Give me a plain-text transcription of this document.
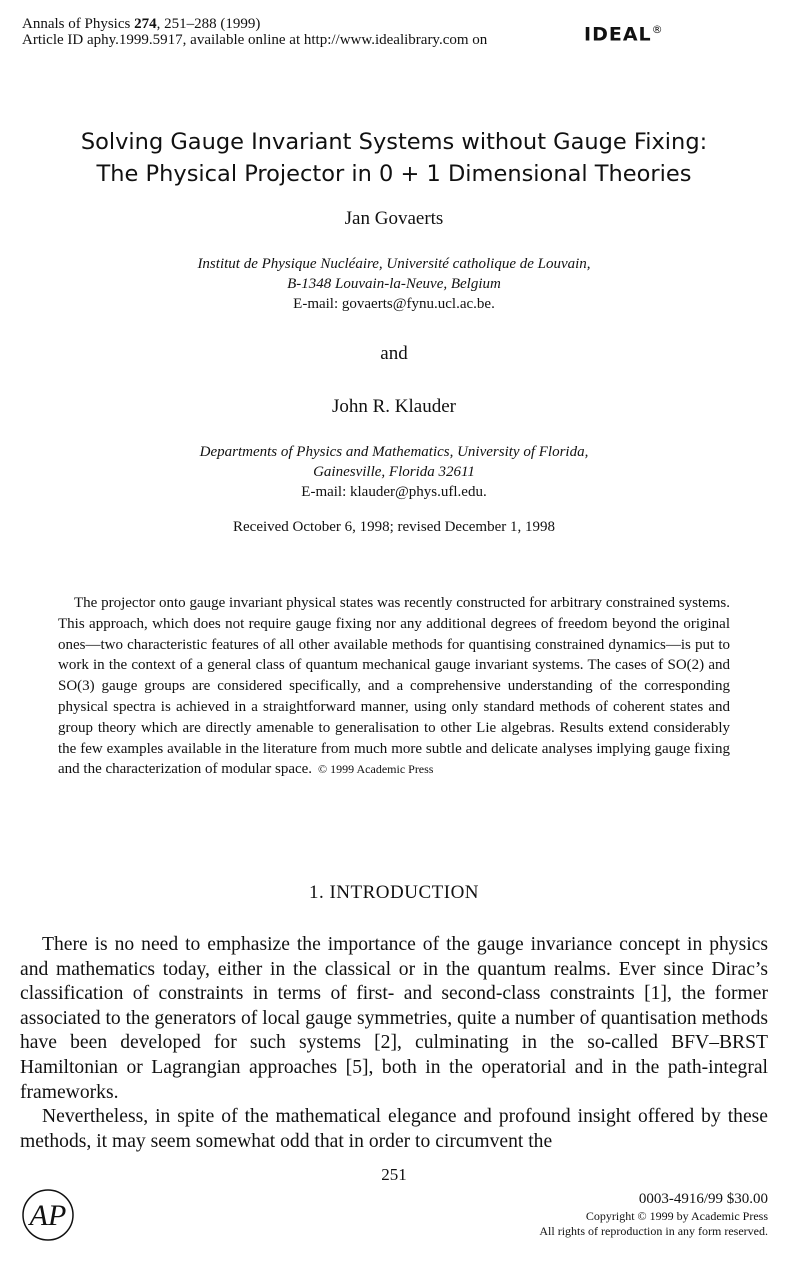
Annals of Physics 274, 251–288 (1999)
Article ID aphy.1999.5917, available online at http://www.idealibrary.com on	IDEAL®
Solving Gauge Invariant Systems without Gauge Fixing:
The Physical Projector in 0 + 1 Dimensional Theories
Jan Govaerts
Institut de Physique Nucléaire, Université catholique de Louvain,
B-1348 Louvain-la-Neuve, Belgium
E-mail: govaerts@fynu.ucl.ac.be.
and
John R. Klauder
Departments of Physics and Mathematics, University of Florida,
Gainesville, Florida 32611
E-mail: klauder@phys.ufl.edu.
Received October 6, 1998; revised December 1, 1998

The projector onto gauge invariant physical states was recently constructed for arbitrary constrained systems. This approach, which does not require gauge fixing nor any additional degrees of freedom beyond the original ones—two characteristic features of all other available methods for quantising constrained dynamics—is put to work in the context of a general class of quantum mechanical gauge invariant systems. The cases of SO(2) and SO(3) gauge groups are considered specifically, and a comprehensive understanding of the corresponding physical spectra is achieved in a straightforward manner, using only standard methods of coherent states and group theory which are directly amenable to generalisation to other Lie algebras. Results extend considerably the few examples available in the literature from much more subtle and delicate analyses implying gauge fixing and the characterization of modular space. © 1999 Academic Press

1. INTRODUCTION

There is no need to emphasize the importance of the gauge invariance concept in physics and mathematics today, either in the classical or in the quantum realms. Ever since Dirac’s classification of constraints in terms of first- and second-class constraints [1], the former associated to the generators of local gauge symmetries, quite a number of quantisation methods have been developed for such systems [2], culminating in the so-called BFV–BRST Hamiltonian or Lagrangian approaches [5], both in the operatorial and in the path-integral frameworks.

Nevertheless, in spite of the mathematical elegance and profound insight offered by these methods, it may seem somewhat odd that in order to circumvent the

251
AP	0003-4916/99 $30.00
Copyright © 1999 by Academic Press
All rights of reproduction in any form reserved.
